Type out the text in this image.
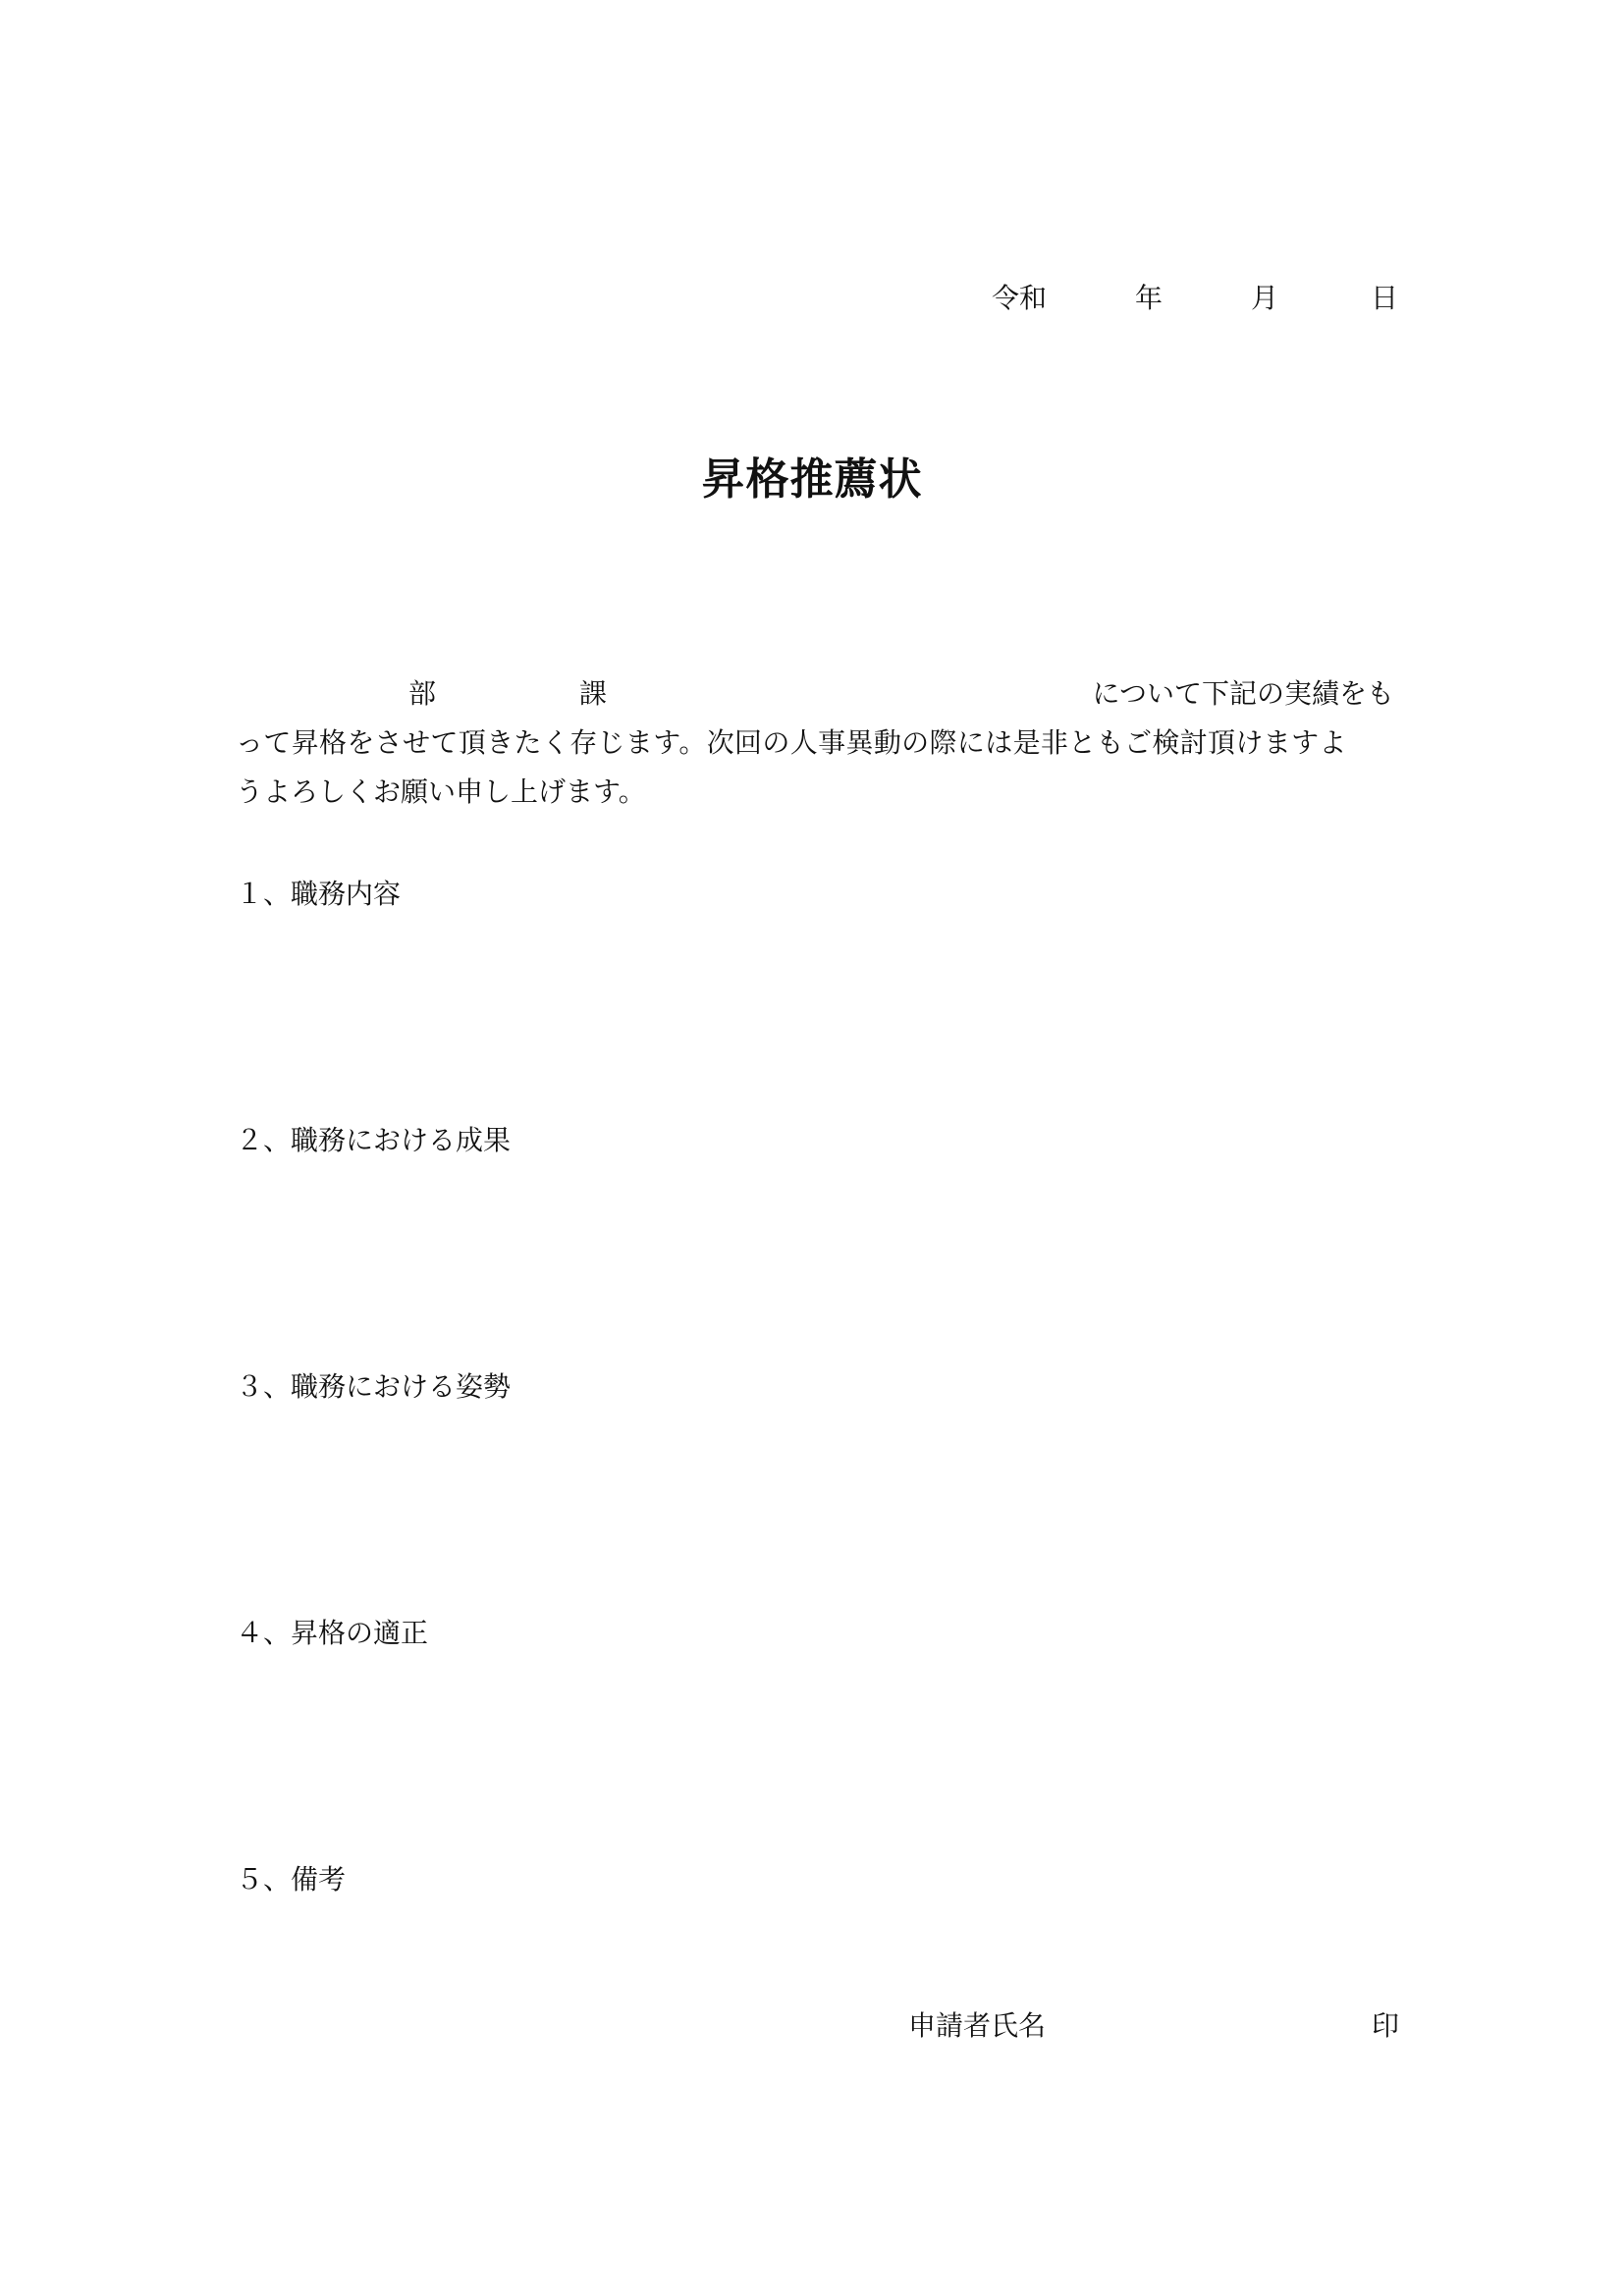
令和	年	月	日
昇格推薦状
部	課	について下記の実績をも
って昇格をさせて頂きたく存じます。次回の人事異動の際には是非ともご検討頂けますよ
うよろしくお願い申し上げます。
１、職務内容
２、職務における成果
３、職務における姿勢
４、昇格の適正
５、備考
申請者氏名	印
